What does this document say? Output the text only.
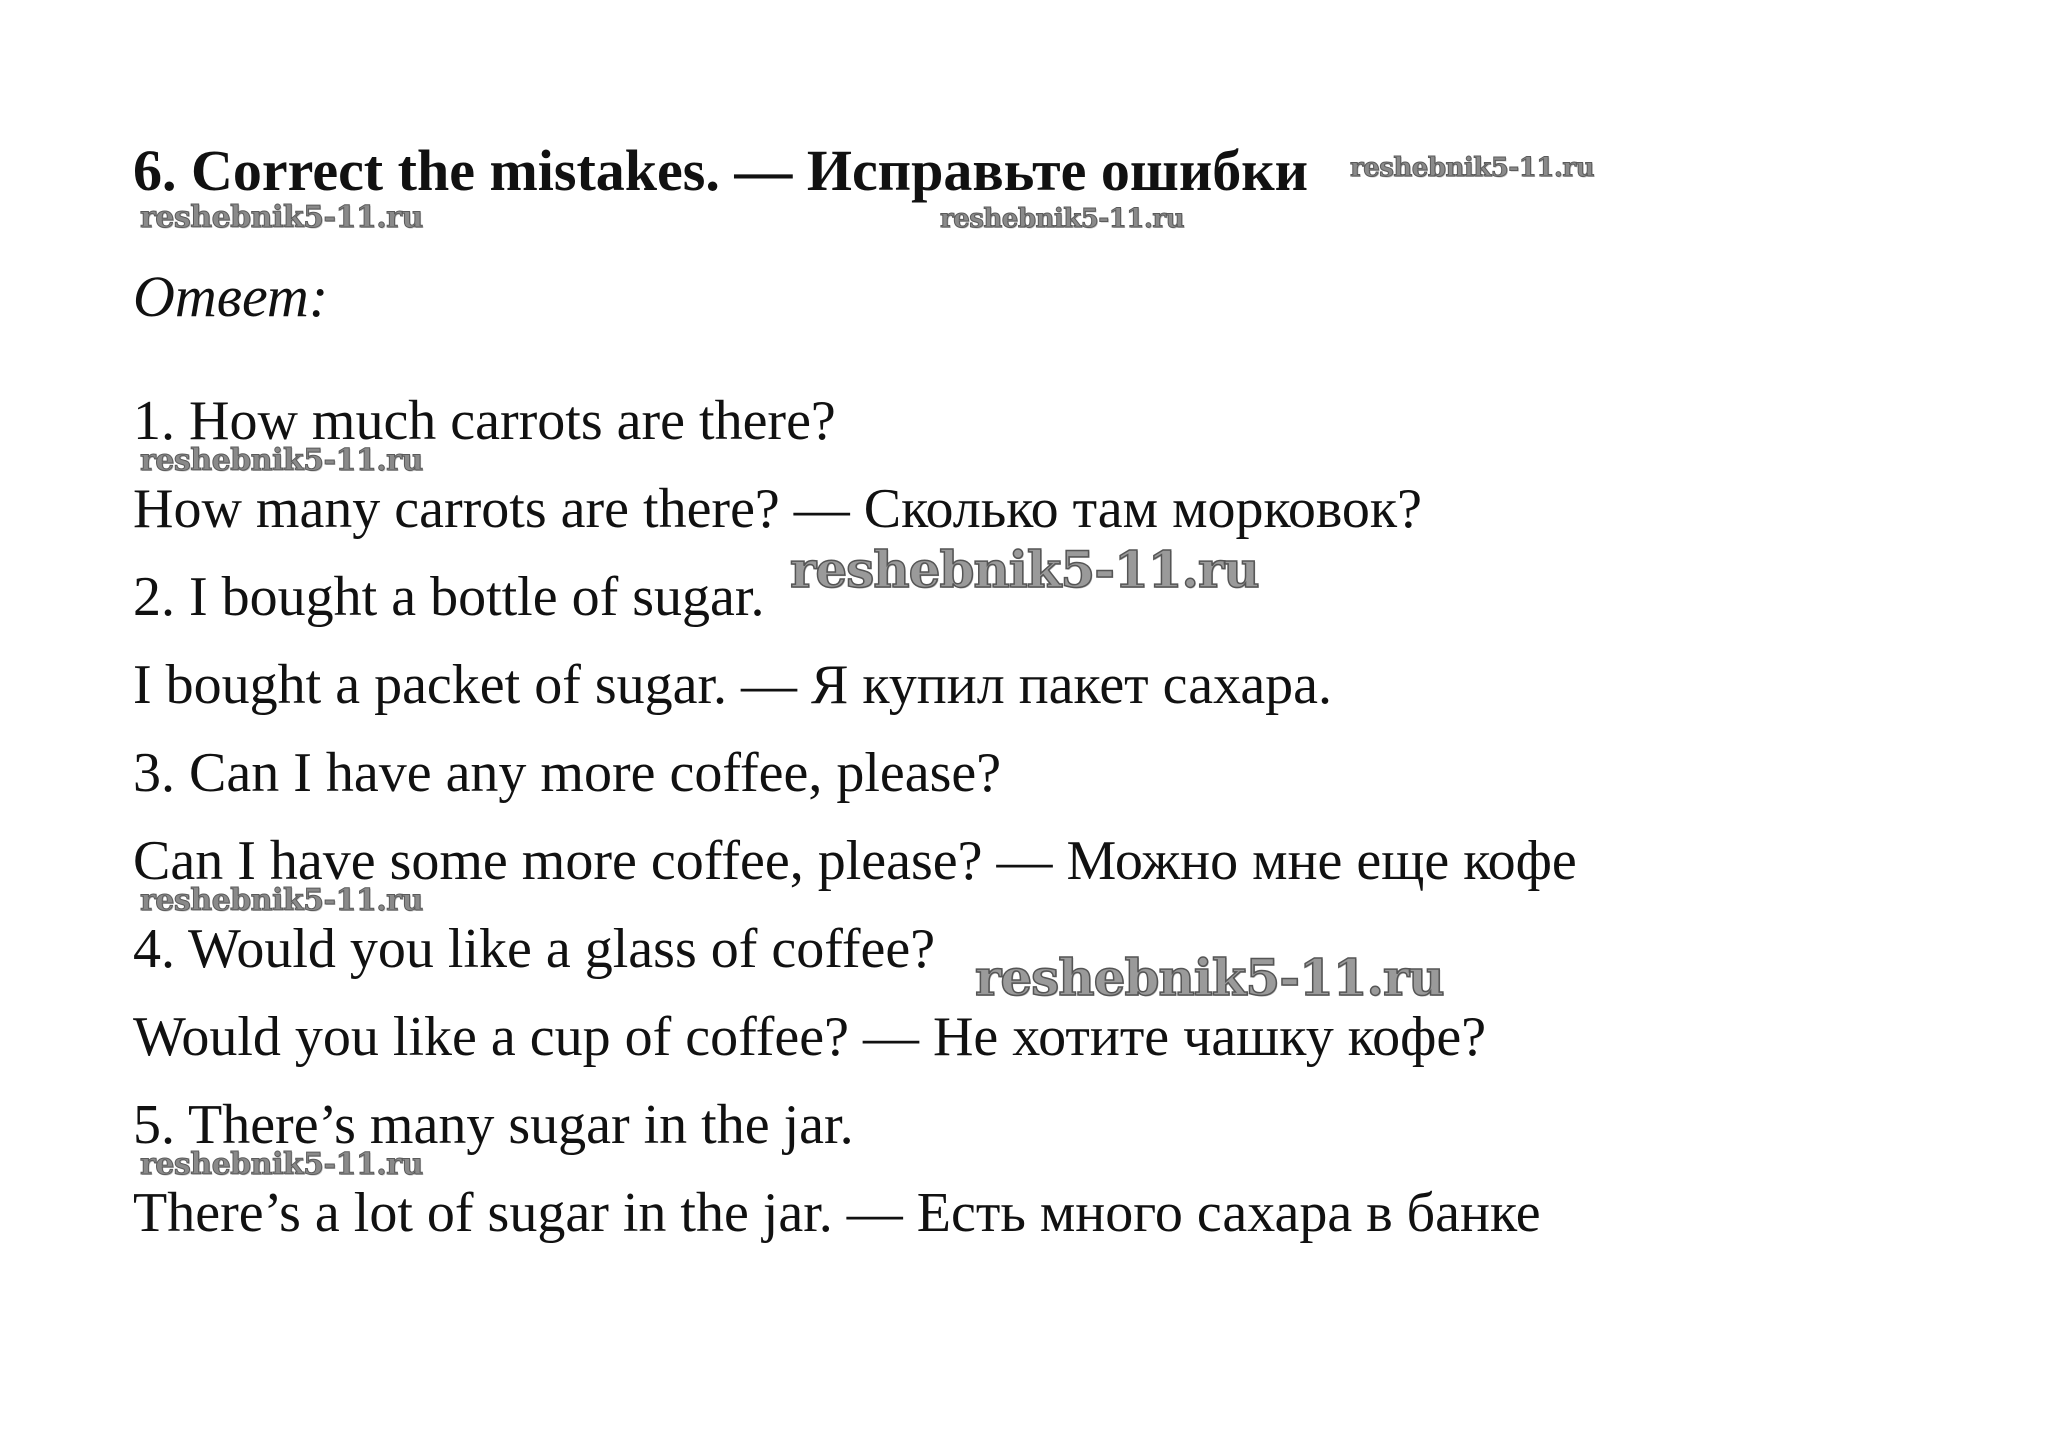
6. Correct the mistakes. — Исправьте ошибки
Ответ:
1. How much carrots are there?
How many carrots are there? — Сколько там морковок?
2. I bought a bottle of sugar.
I bought a packet of sugar. — Я купил пакет сахара.
3. Can I have any more coffee, please?
Can I have some more coffee, please? — Можно мне еще кофе
4. Would you like a glass of coffee?
Would you like a cup of coffee? — Не хотите чашку кофе?
5. There’s many sugar in the jar.
There’s a lot of sugar in the jar. — Есть много сахара в банке
reshebnik5-11.ru
reshebnik5-11.ru	reshebnik5-11.ru
reshebnik5-11.ru
reshebnik5-11.ru
reshebnik5-11.ru
reshebnik5-11.ru
reshebnik5-11.ru
